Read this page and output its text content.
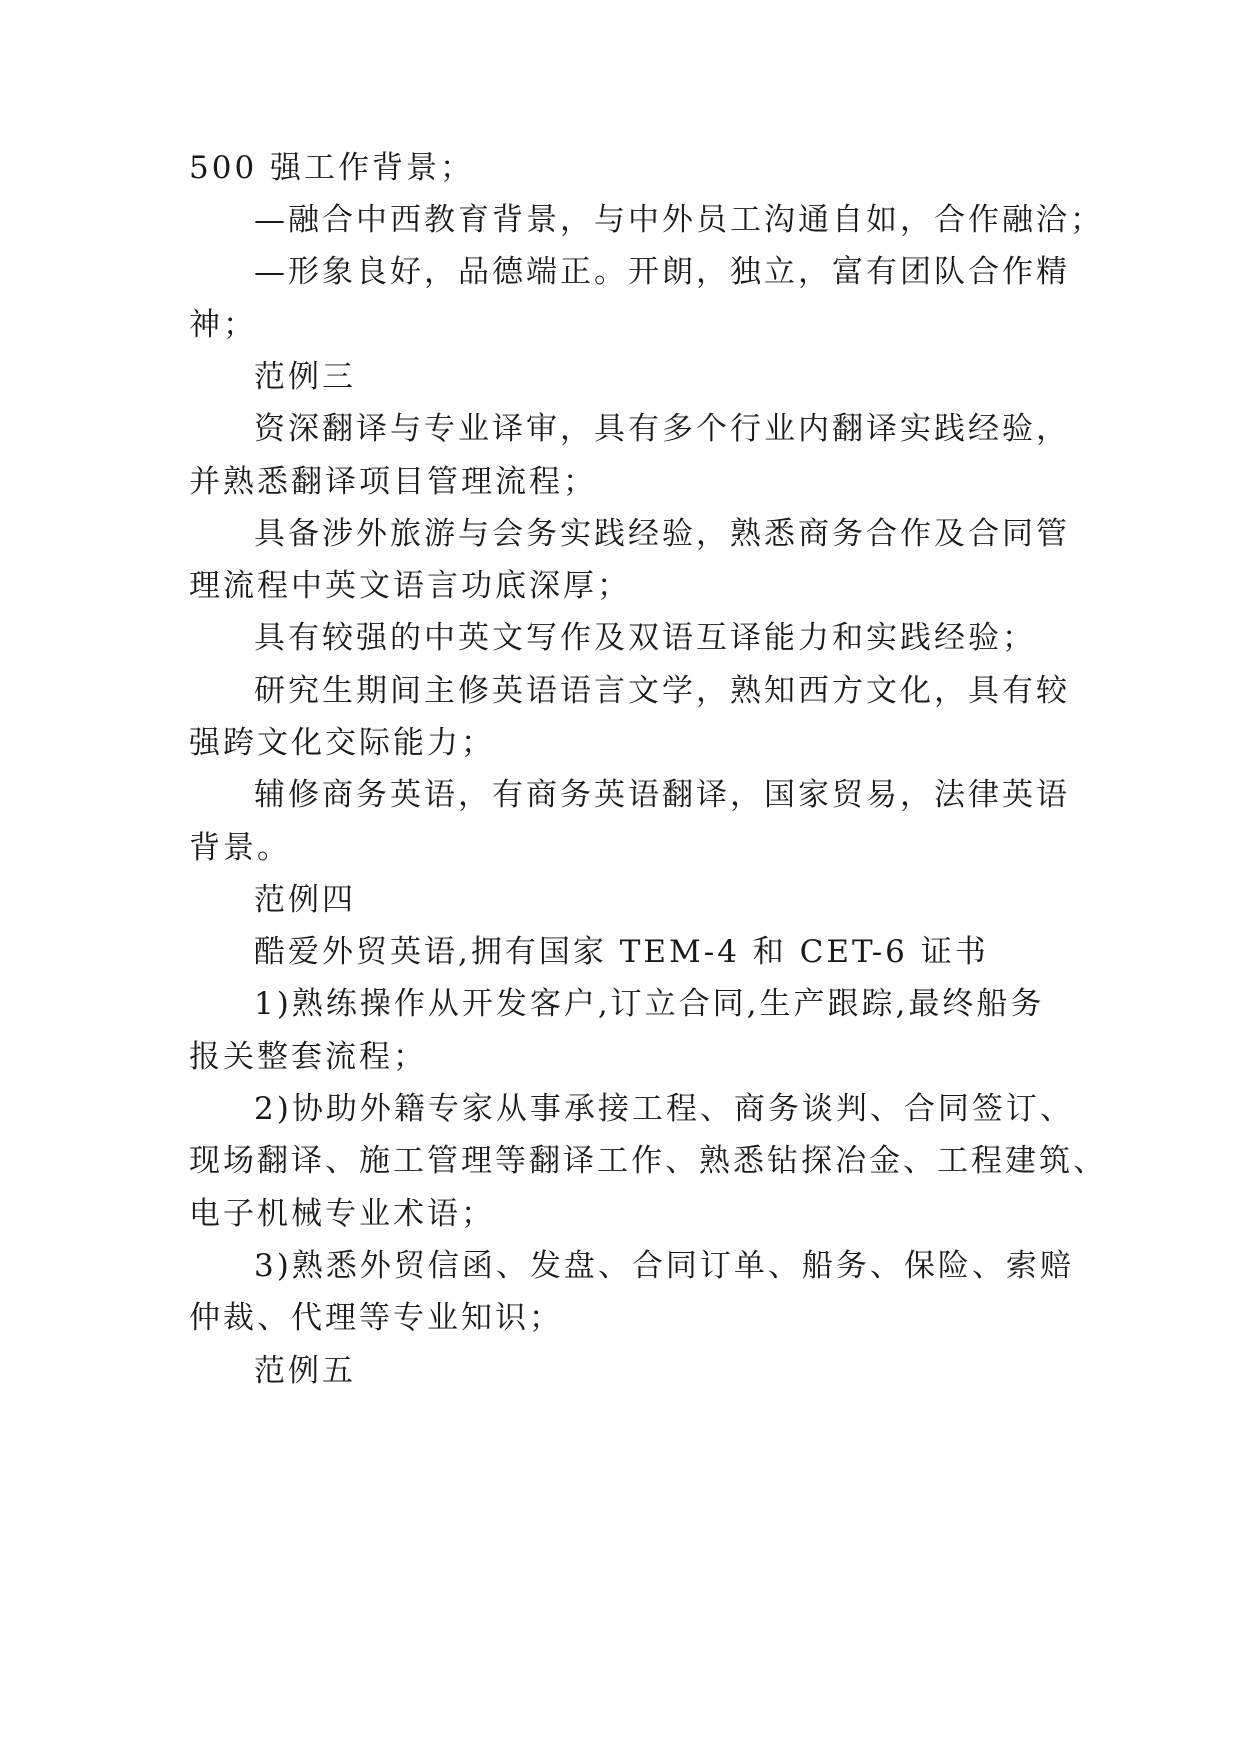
500 强工作背景；
—融合中西教育背景，与中外员工沟通自如，合作融洽；
—形象良好，品德端正。开朗，独立，富有团队合作精
神；
范例三
资深翻译与专业译审，具有多个行业内翻译实践经验，
并熟悉翻译项目管理流程；
具备涉外旅游与会务实践经验，熟悉商务合作及合同管
理流程中英文语言功底深厚；
具有较强的中英文写作及双语互译能力和实践经验；
研究生期间主修英语语言文学，熟知西方文化，具有较
强跨文化交际能力；
辅修商务英语，有商务英语翻译，国家贸易，法律英语
背景。
范例四
酷爱外贸英语,拥有国家 TEM-4 和 CET-6 证书
1)熟练操作从开发客户,订立合同,生产跟踪,最终船务
报关整套流程；
2)协助外籍专家从事承接工程、商务谈判、合同签订、
现场翻译、施工管理等翻译工作、熟悉钻探冶金、工程建筑、
电子机械专业术语；
3)熟悉外贸信函、发盘、合同订单、船务、保险、索赔
仲裁、代理等专业知识；
范例五
